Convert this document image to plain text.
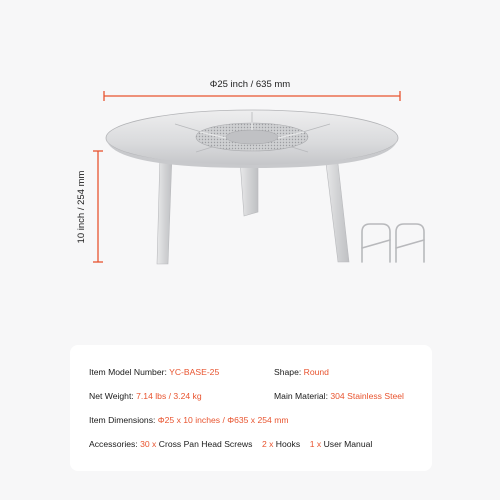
Φ25 inch / 635 mm
10 inch / 254 mm
Item Model Number: YC-BASE-25	Shape: Round
Net Weight: 7.14 lbs / 3.24 kg	Main Material: 304 Stainless Steel
Item Dimensions: Φ25 x 10 inches / Φ635 x 254 mm
Accessories: 30 x Cross Pan Head Screws 2 x Hooks 1 x User Manual
